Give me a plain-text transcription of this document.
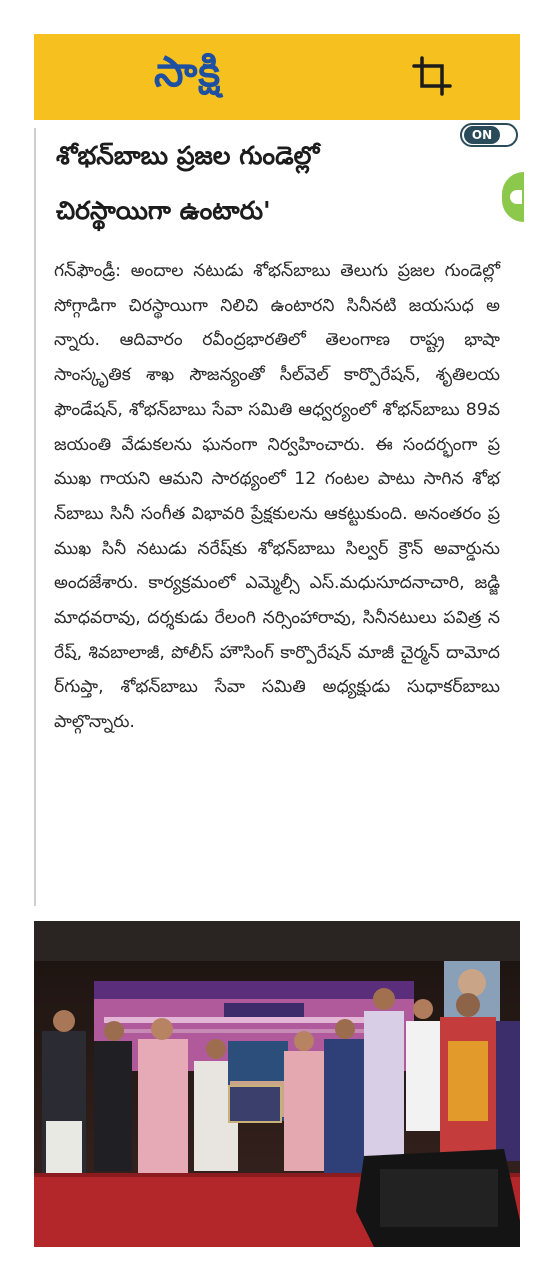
సాక్షి
ON
శోభన్‌బాబు ప్రజల గుండెల్లో
చిరస్థాయిగా ఉంటారు'

గన్‌ఫౌండ్రీ: అందాల నటుడు శోభన్‌బాబు తెలుగు ప్రజల గుండెల్లో సోగ్గాడిగా చిరస్థాయిగా నిలిచి ఉంటారని సినీనటి జయసుధ అన్నారు. ఆదివారం రవీంద్రభారతిలో తెలంగాణ రాష్ట్ర భాషా సాంస్కృతిక శాఖ సౌజన్యంతో సీల్‌వెల్ కార్పొరేషన్, శృతిలయ ఫౌండేషన్, శోభన్‌బాబు సేవా సమితి ఆధ్వర్యంలో శోభన్‌బాబు 89వ జయంతి వేడుకలను ఘనంగా నిర్వహించారు. ఈ సందర్భంగా ప్రముఖ గాయని ఆమని సారథ్యంలో 12 గంటల పాటు సాగిన శోభన్‌బాబు సినీ సంగీత విభావరి ప్రేక్షకులను ఆకట్టుకుంది. అనంతరం ప్రముఖ సినీ నటుడు నరేష్‌కు శోభన్‌బాబు సిల్వర్ క్రౌన్ అవార్డును అందజేశారు. కార్యక్రమంలో ఎమ్మెల్సీ ఎస్.మధుసూదనాచారి, జడ్జి మాధవరావు, దర్శకుడు రేలంగి నర్సింహారావు, సినీనటులు పవిత్ర నరేష్, శివబాలాజీ, పోలీస్ హౌసింగ్ కార్పొరేషన్ మాజీ చైర్మన్ దామోదర్‌గుప్తా, శోభన్‌బాబు సేవా సమితి అధ్యక్షుడు సుధాకర్‌బాబు పాల్గొన్నారు.
